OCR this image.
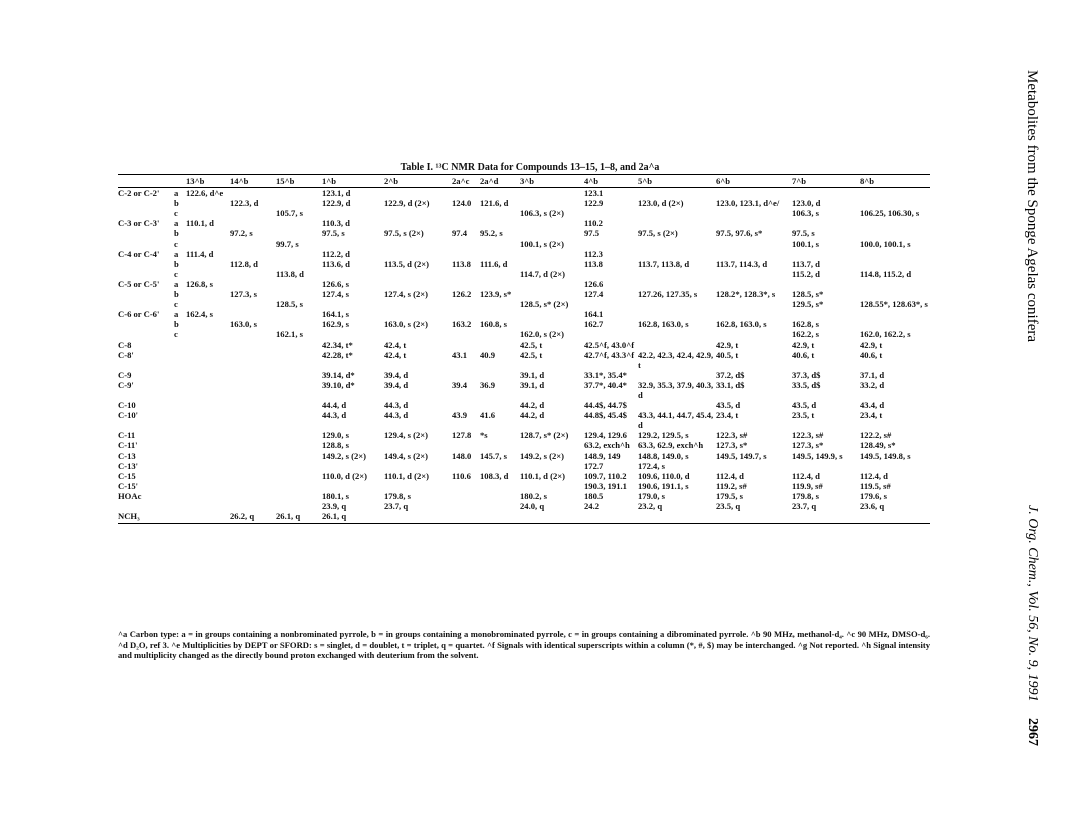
Metabolites from the Sponge Agelas conifera
J. Org. Chem., Vol. 56, No. 9, 1991
2967
Table I. ¹³C NMR Data for Compounds 13–15, 1–8, and 2a^a
		13^b	14^b	15^b	1^b	2^b	2a^c	2a^d	3^b	4^b	5^b	6^b	7^b	8^b
C-2 or C-2'	a	122.6, d^e			123.1, d					123.1				
	b		122.3, d		122.9, d	122.9, d (2×)	124.0	121.6, d		122.9	123.0, d (2×)	123.0, 123.1, d^e/	123.0, d	
	c			105.7, s					106.3, s (2×)				106.3, s	106.25, 106.30, s
C-3 or C-3'	a	110.1, d			110.3, d					110.2				
	b		97.2, s		97.5, s	97.5, s (2×)	97.4	95.2, s		97.5	97.5, s (2×)	97.5, 97.6, s*	97.5, s	
	c			99.7, s					100.1, s (2×)				100.1, s	100.0, 100.1, s
C-4 or C-4'	a	111.4, d			112.2, d					112.3				
	b		112.8, d		113.6, d	113.5, d (2×)	113.8	111.6, d		113.8	113.7, 113.8, d	113.7, 114.3, d	113.7, d	
	c			113.8, d					114.7, d (2×)				115.2, d	114.8, 115.2, d
C-5 or C-5'	a	126.8, s			126.6, s					126.6				
	b		127.3, s		127.4, s	127.4, s (2×)	126.2	123.9, s*		127.4	127.26, 127.35, s	128.2*, 128.3*, s	128.5, s*	
	c			128.5, s					128.5, s* (2×)				129.5, s*	128.55*, 128.63*, s
C-6 or C-6'	a	162.4, s			164.1, s					164.1				
	b		163.0, s		162.9, s	163.0, s (2×)	163.2	160.8, s		162.7	162.8, 163.0, s	162.8, 163.0, s	162.8, s	
	c			162.1, s					162.0, s (2×)				162.2, s	162.0, 162.2, s
C-8					42.34, t*	42.4, t			42.5, t	42.5^f, 43.0^f		42.9, t	42.9, t	42.9, t
C-8'					42.28, t*	42.4, t	43.1	40.9	42.5, t	42.7^f, 43.3^f	42.2, 42.3, 42.4, 42.9, t	40.5, t	40.6, t	40.6, t
C-9					39.14, d*	39.4, d			39.1, d	33.1*, 35.4*		37.2, d$	37.3, d$	37.1, d
C-9'					39.10, d*	39.4, d	39.4	36.9	39.1, d	37.7*, 40.4*	32.9, 35.3, 37.9, 40.3, d	33.1, d$	33.5, d$	33.2, d
C-10					44.4, d	44.3, d			44.2, d	44.4$, 44.7$		43.5, d	43.5, d	43.4, d
C-10'					44.3, d	44.3, d	43.9	41.6	44.2, d	44.8$, 45.4$	43.3, 44.1, 44.7, 45.4, d	23.4, t	23.5, t	23.4, t
C-11					129.0, s	129.4, s (2×)	127.8	*s	128.7, s* (2×)	129.4, 129.6	129.2, 129.5, s	122.3, s#	122.3, s#	122.2, s#
C-11'					128.8, s					63.2, exch^h	63.3, 62.9, exch^h	127.3, s*	127.3, s*	128.49, s*
C-13					149.2, s (2×)	149.4, s (2×)	148.0	145.7, s	149.2, s (2×)	148.9, 149	148.8, 149.0, s	149.5, 149.7, s	149.5, 149.9, s	149.5, 149.8, s
C-13'										172.7	172.4, s			
C-15					110.0, d (2×)	110.1, d (2×)	110.6	108.3, d	110.1, d (2×)	109.7, 110.2	109.6, 110.0, d	112.4, d	112.4, d	112.4, d
C-15'										190.3, 191.1	190.6, 191.1, s	119.2, s#	119.9, s#	119.5, s#
HOAc					180.1, s	179.8, s			180.2, s	180.5	179.0, s	179.5, s	179.8, s	179.6, s
					23.9, q	23.7, q			24.0, q	24.2	23.2, q	23.5, q	23.7, q	23.6, q
NCH₃			26.2, q	26.1, q	26.1, q									
^a Carbon type: a = in groups containing a nonbrominated pyrrole, b = in groups containing a monobrominated pyrrole, c = in groups containing a dibrominated pyrrole. ^b 90 MHz, methanol-d₄. ^c 90 MHz, DMSO-d₆. ^d D₂O, ref 3. ^e Multiplicities by DEPT or SFORD: s = singlet, d = doublet, t = triplet, q = quartet. ^f Signals with identical superscripts within a column (*, #, $) may be interchanged. ^g Not reported. ^h Signal intensity and multiplicity changed as the directly bound proton exchanged with deuterium from the solvent.
